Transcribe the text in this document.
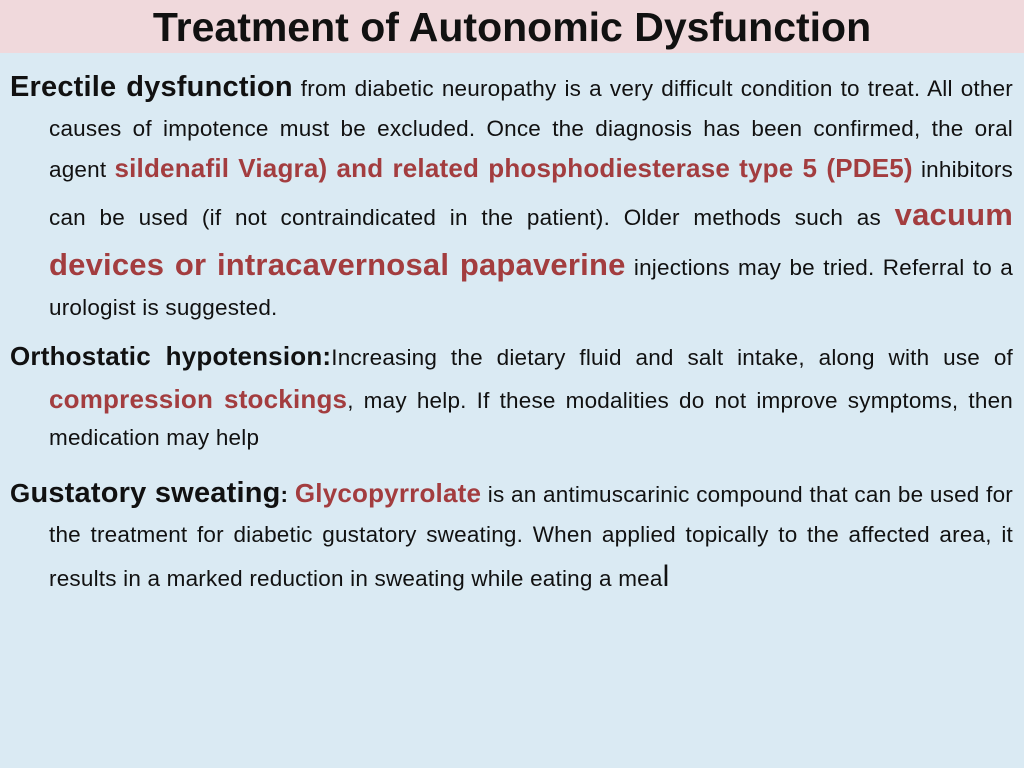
Treatment of Autonomic Dysfunction

Erectile dysfunction from diabetic neuropathy is a very difficult condition to treat. All other causes of impotence must be excluded. Once the diagnosis has been confirmed, the oral agent sildenafil Viagra) and related phosphodiesterase type 5 (PDE5) inhibitors can be used (if not contraindicated in the patient). Older methods such as vacuum devices or intracavernosal papaverine injections may be tried. Referral to a urologist is suggested.

Orthostatic hypotension:Increasing the dietary fluid and salt intake, along with use of compression stockings, may help. If these modalities do not improve symptoms, then medication may help

Gustatory sweating: Glycopyrrolate is an antimuscarinic compound that can be used for the treatment for diabetic gustatory sweating. When applied topically to the affected area, it results in a marked reduction in sweating while eating a meal
